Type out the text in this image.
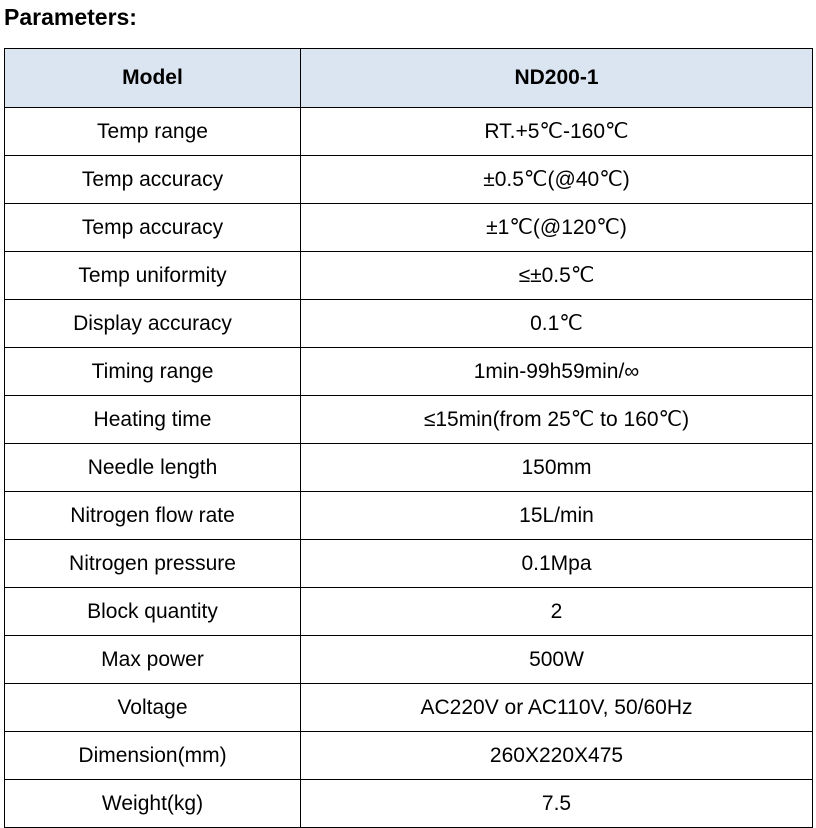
Parameters:
Model	ND200-1
Temp range	RT.+5℃-160℃
Temp accuracy	±0.5℃(@40℃)
Temp accuracy	±1℃(@120℃)
Temp uniformity	≤±0.5℃
Display accuracy	0.1℃
Timing range	1min-99h59min/∞
Heating time	≤15min(from 25℃ to 160℃)
Needle length	150mm
Nitrogen flow rate	15L/min
Nitrogen pressure	0.1Mpa
Block quantity	2
Max power	500W
Voltage	AC220V or AC110V, 50/60Hz
Dimension(mm)	260X220X475
Weight(kg)	7.5
